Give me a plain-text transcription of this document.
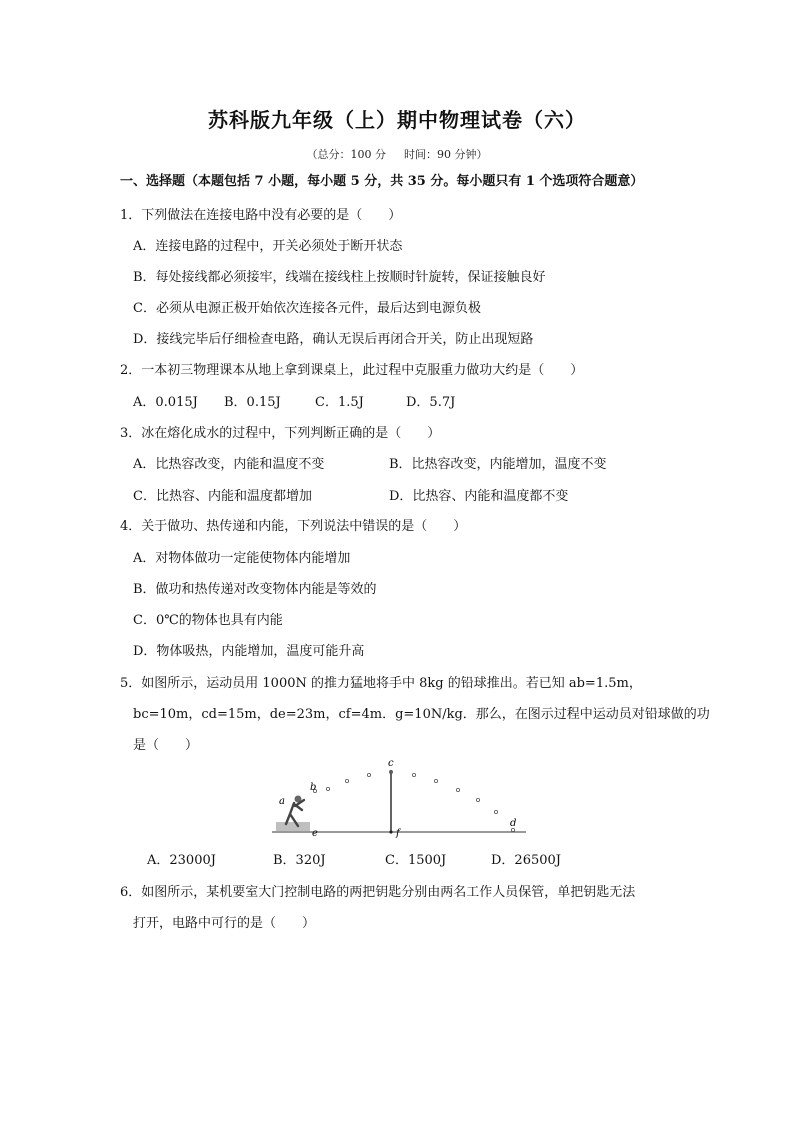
苏科版九年级（上）期中物理试卷（六）
（总分：100 分 时间：90 分钟）
一、选择题（本题包括 7 小题，每小题 5 分，共 35 分。每小题只有 1 个选项符合题意）
1．下列做法在连接电路中没有必要的是（　　）
A．连接电路的过程中，开关必须处于断开状态
B．每处接线都必须接牢，线端在接线柱上按顺时针旋转，保证接触良好
C．必须从电源正极开始依次连接各元件，最后达到电源负极
D．接线完毕后仔细检查电路，确认无误后再闭合开关，防止出现短路
2．一本初三物理课本从地上拿到课桌上，此过程中克服重力做功大约是（　　）
A．0.015J B．0.15J	C．1.5J	D．5.7J
3．冰在熔化成水的过程中，下列判断正确的是（　　）
A．比热容改变，内能和温度不变	B．比热容改变，内能增加，温度不变
C．比热容、内能和温度都增加	D．比热容、内能和温度都不变
4．关于做功、热传递和内能，下列说法中错误的是（　　）
A．对物体做功一定能使物体内能增加
B．做功和热传递对改变物体内能是等效的
C．0℃的物体也具有内能
D．物体吸热，内能增加，温度可能升高
5．如图所示，运动员用 1000N 的推力猛地将手中 8kg 的铅球推出。若已知 ab=1.5m，
bc=10m，cd=15m，de=23m，cf=4m．g=10N/kg．那么，在图示过程中运动员对铅球做的功
是（　　）
a
b
c
d
e	f
A．23000J	B．320J	C．1500J	D．26500J
6．如图所示，某机要室大门控制电路的两把钥匙分别由两名工作人员保管，单把钥匙无法
打开，电路中可行的是（　　）
